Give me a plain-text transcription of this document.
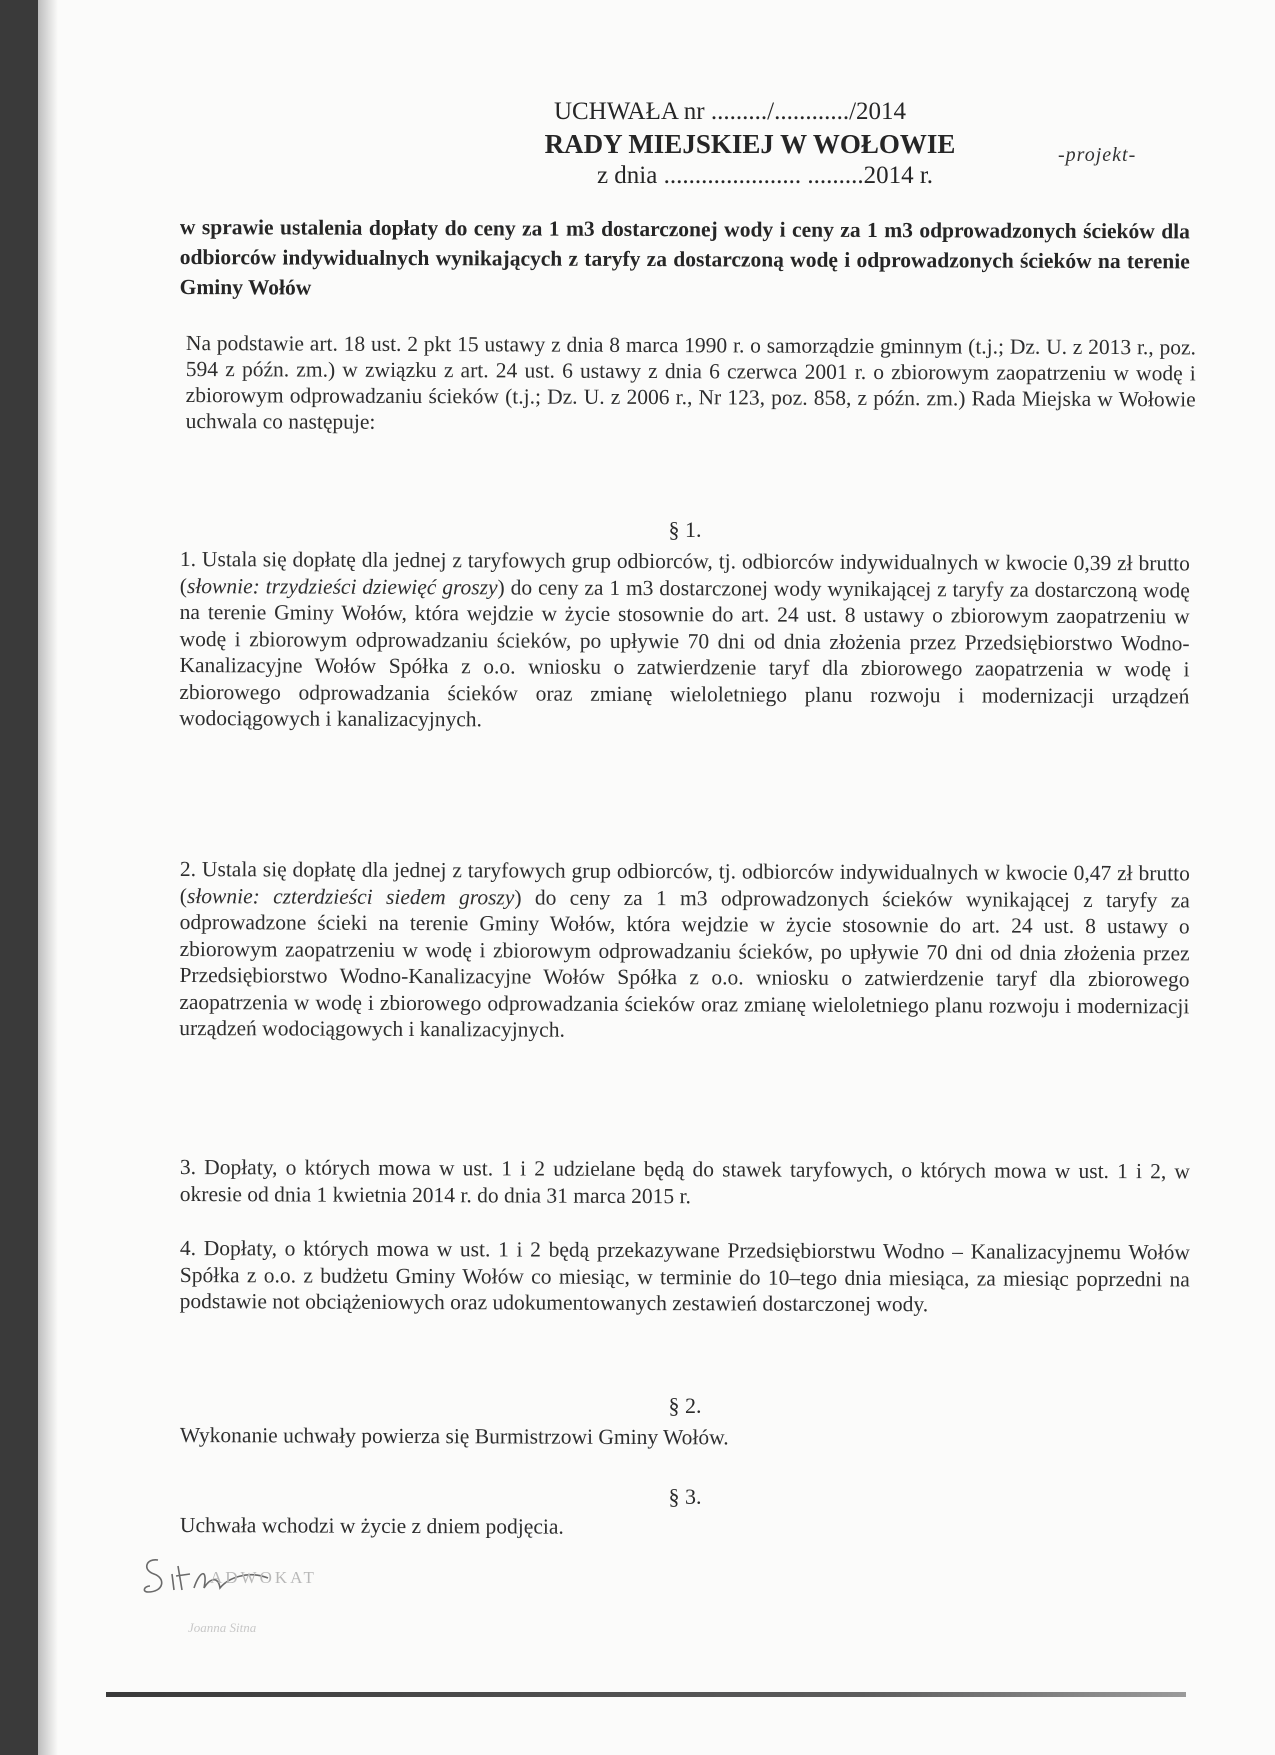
UCHWAŁA nr ........./............/2014
RADY MIEJSKIEJ W WOŁOWIE
z dnia ...................... .........2014 r.
-projekt-
w sprawie ustalenia dopłaty do ceny za 1 m3 dostarczonej wody i ceny za 1 m3 odprowadzonych ścieków dla odbiorców indywidualnych wynikających z taryfy za dostarczoną wodę i odprowadzonych ścieków na terenie Gminy Wołów
Na podstawie art. 18 ust. 2 pkt 15 ustawy z dnia 8 marca 1990 r. o samorządzie gminnym (t.j.; Dz. U. z 2013 r., poz. 594 z późn. zm.) w związku z art. 24 ust. 6 ustawy z dnia 6 czerwca 2001 r. o zbiorowym zaopatrzeniu w wodę i zbiorowym odprowadzaniu ścieków (t.j.; Dz. U. z 2006 r., Nr 123, poz. 858, z późn. zm.) Rada Miejska w Wołowie uchwala co następuje:
§ 1.
1. Ustala się dopłatę dla jednej z taryfowych grup odbiorców, tj. odbiorców indywidualnych w kwocie 0,39 zł brutto (słownie: trzydzieści dziewięć groszy) do ceny za 1 m3 dostarczonej wody wynikającej z taryfy za dostarczoną wodę na terenie Gminy Wołów, która wejdzie w życie stosownie do art. 24 ust. 8 ustawy o zbiorowym zaopatrzeniu w wodę i zbiorowym odprowadzaniu ścieków, po upływie 70 dni od dnia złożenia przez Przedsiębiorstwo Wodno-Kanalizacyjne Wołów Spółka z o.o. wniosku o zatwierdzenie taryf dla zbiorowego zaopatrzenia w wodę i zbiorowego odprowadzania ścieków oraz zmianę wieloletniego planu rozwoju i modernizacji urządzeń wodociągowych i kanalizacyjnych.
2. Ustala się dopłatę dla jednej z taryfowych grup odbiorców, tj. odbiorców indywidualnych w kwocie 0,47 zł brutto (słownie: czterdzieści siedem groszy) do ceny za 1 m3 odprowadzonych ścieków wynikającej z taryfy za odprowadzone ścieki na terenie Gminy Wołów, która wejdzie w życie stosownie do art. 24 ust. 8 ustawy o zbiorowym zaopatrzeniu w wodę i zbiorowym odprowadzaniu ścieków, po upływie 70 dni od dnia złożenia przez Przedsiębiorstwo Wodno-Kanalizacyjne Wołów Spółka z o.o. wniosku o zatwierdzenie taryf dla zbiorowego zaopatrzenia w wodę i zbiorowego odprowadzania ścieków oraz zmianę wieloletniego planu rozwoju i modernizacji urządzeń wodociągowych i kanalizacyjnych.
3. Dopłaty, o których mowa w ust. 1 i 2 udzielane będą do stawek taryfowych, o których mowa w ust. 1 i 2, w okresie od dnia 1 kwietnia 2014 r. do dnia 31 marca 2015 r.
4. Dopłaty, o których mowa w ust. 1 i 2 będą przekazywane Przedsiębiorstwu Wodno – Kanalizacyjnemu Wołów Spółka z o.o. z budżetu Gminy Wołów co miesiąc, w terminie do 10–tego dnia miesiąca, za miesiąc poprzedni na podstawie not obciążeniowych oraz udokumentowanych zestawień dostarczonej wody.
§ 2.
Wykonanie uchwały powierza się Burmistrzowi Gminy Wołów.
§ 3.
Uchwała wchodzi w życie z dniem podjęcia.
ADWOKAT
Joanna Sitna
